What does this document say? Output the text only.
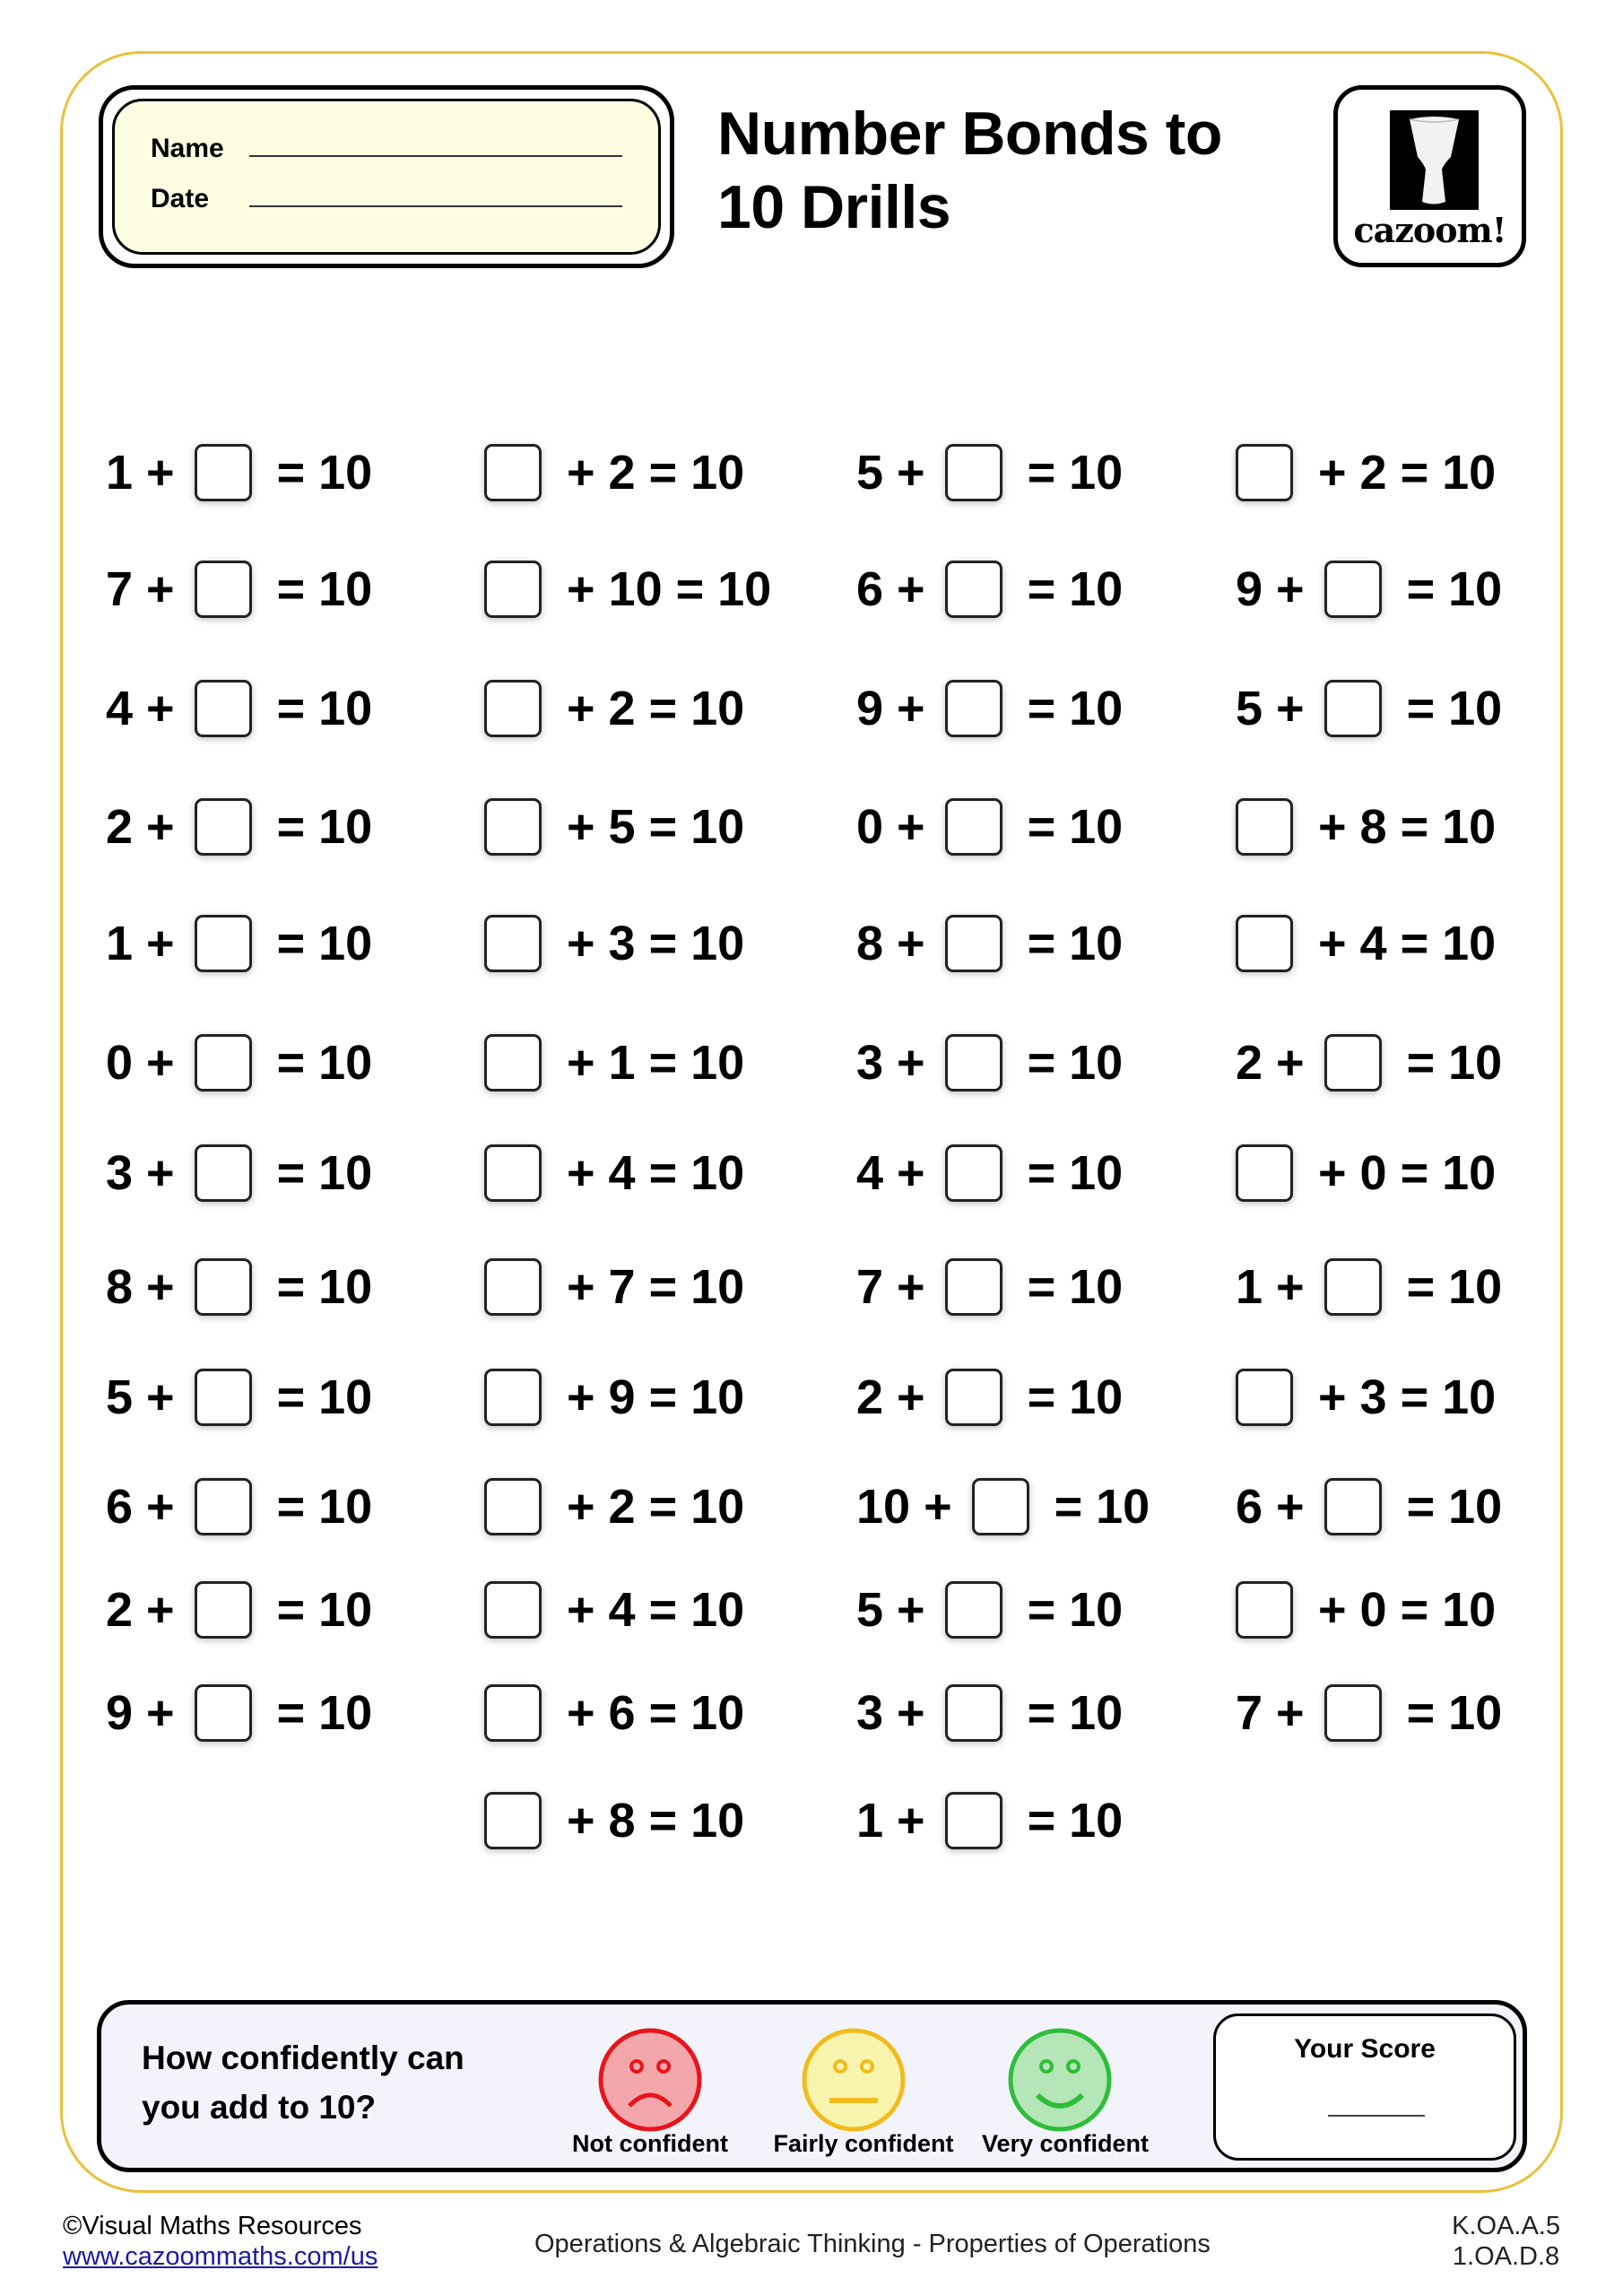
Name
Date
Number Bonds to
10 Drills	cazoom!
1 + = 10
7 + = 10
4 + = 10
2 + = 10
1 + = 10
0 + = 10
3 + = 10
8 + = 10
5 + = 10
6 + = 10
2 + = 10
9 + = 10
+ 2 = 10
+ 10 = 10
+ 2 = 10
+ 5 = 10
+ 3 = 10
+ 1 = 10
+ 4 = 10
+ 7 = 10
+ 9 = 10
+ 2 = 10
+ 4 = 10
+ 6 = 10
+ 8 = 10
5 + = 10
6 + = 10
9 + = 10
0 + = 10
8 + = 10
3 + = 10
4 + = 10
7 + = 10
2 + = 10
10 + = 10
5 + = 10
3 + = 10
1 + = 10
+ 2 = 10
9 + = 10
5 + = 10
+ 8 = 10
+ 4 = 10
2 + = 10
+ 0 = 10
1 + = 10
+ 3 = 10
6 + = 10
+ 0 = 10
7 + = 10
How confidently can
you add to 10?
Not confident Fairly confident Very confident
Your Score
©Visual Maths Resources
www.cazoommaths.com/us	Operations & Algebraic Thinking - Properties of Operations
K.OA.A.5
1.OA.D.8
